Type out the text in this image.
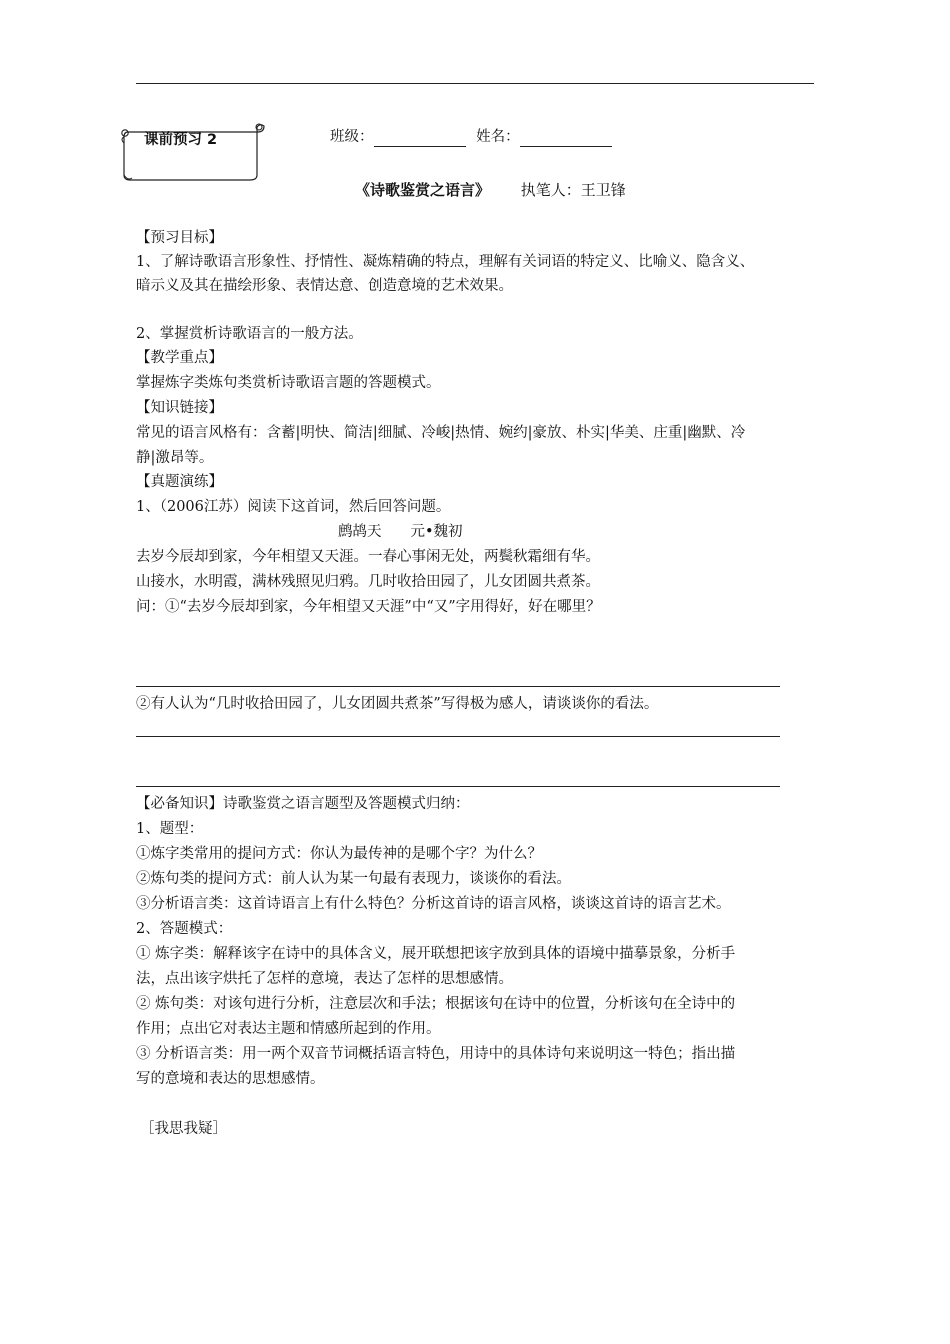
课前预习 2	班级：	姓名：
《诗歌鉴赏之语言》 执笔人：王卫锋
【预习目标】
1、了解诗歌语言形象性、抒情性、凝炼精确的特点，理解有关词语的特定义、比喻义、隐含义、
暗示义及其在描绘形象、表情达意、创造意境的艺术效果。
2、掌握赏析诗歌语言的一般方法。
【教学重点】
掌握炼字类炼句类赏析诗歌语言题的答题模式。
【知识链接】
常见的语言风格有：含蓄|明快、简洁|细腻、冷峻|热情、婉约|豪放、朴实|华美、庄重|幽默、冷
静|激昂等。
【真题演练】
1、（2006江苏）阅读下这首词，然后回答问题。
鹧鸪天　　元•魏初
去岁今辰却到家，今年相望又天涯。一春心事闲无处，两鬓秋霜细有华。
山接水，水明霞，满林残照见归鸦。几时收拾田园了，儿女团圆共煮茶。
问：①“去岁今辰却到家，今年相望又天涯”中“又”字用得好，好在哪里？
②有人认为“几时收拾田园了，儿女团圆共煮茶”写得极为感人，请谈谈你的看法。
【必备知识】诗歌鉴赏之语言题型及答题模式归纳：
1、题型：
①炼字类常用的提问方式：你认为最传神的是哪个字？为什么？
②炼句类的提问方式：前人认为某一句最有表现力，谈谈你的看法。
③分析语言类：这首诗语言上有什么特色？分析这首诗的语言风格，谈谈这首诗的语言艺术。
2、答题模式：
① 炼字类：解释该字在诗中的具体含义，展开联想把该字放到具体的语境中描摹景象，分析手
法，点出该字烘托了怎样的意境，表达了怎样的思想感情。
② 炼句类：对该句进行分析，注意层次和手法；根据该句在诗中的位置，分析该句在全诗中的
作用；点出它对表达主题和情感所起到的作用。
③ 分析语言类：用一两个双音节词概括语言特色，用诗中的具体诗句来说明这一特色；指出描
写的意境和表达的思想感情。
［我思我疑］
